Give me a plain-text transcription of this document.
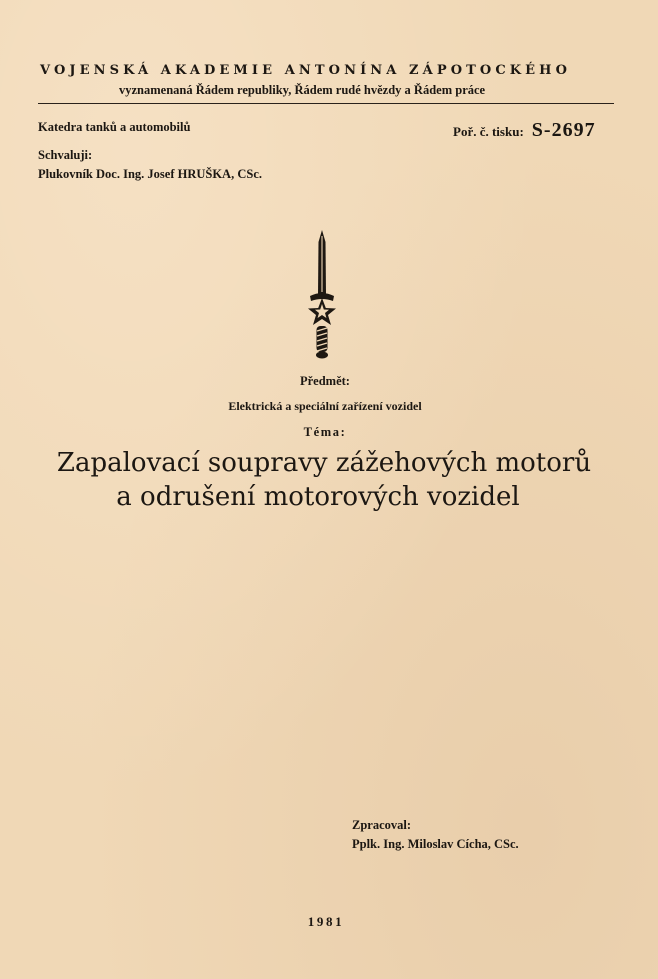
VOJENSKÁ AKADEMIE ANTONÍNA ZÁPOTOCKÉHO
vyznamenaná Řádem republiky, Řádem rudé hvězdy a Řádem práce
Katedra tanků a automobilů	Poř. č. tisku: S-2697
Schvaluji:
Plukovník Doc. Ing. Josef HRUŠKA, CSc.
Předmět:
Elektrická a speciální zařízení vozidel
Téma:
Zapalovací soupravy zážehových motorů
a odrušení motorových vozidel
Zpracoval:
Pplk. Ing. Miloslav Cícha, CSc.
1981
